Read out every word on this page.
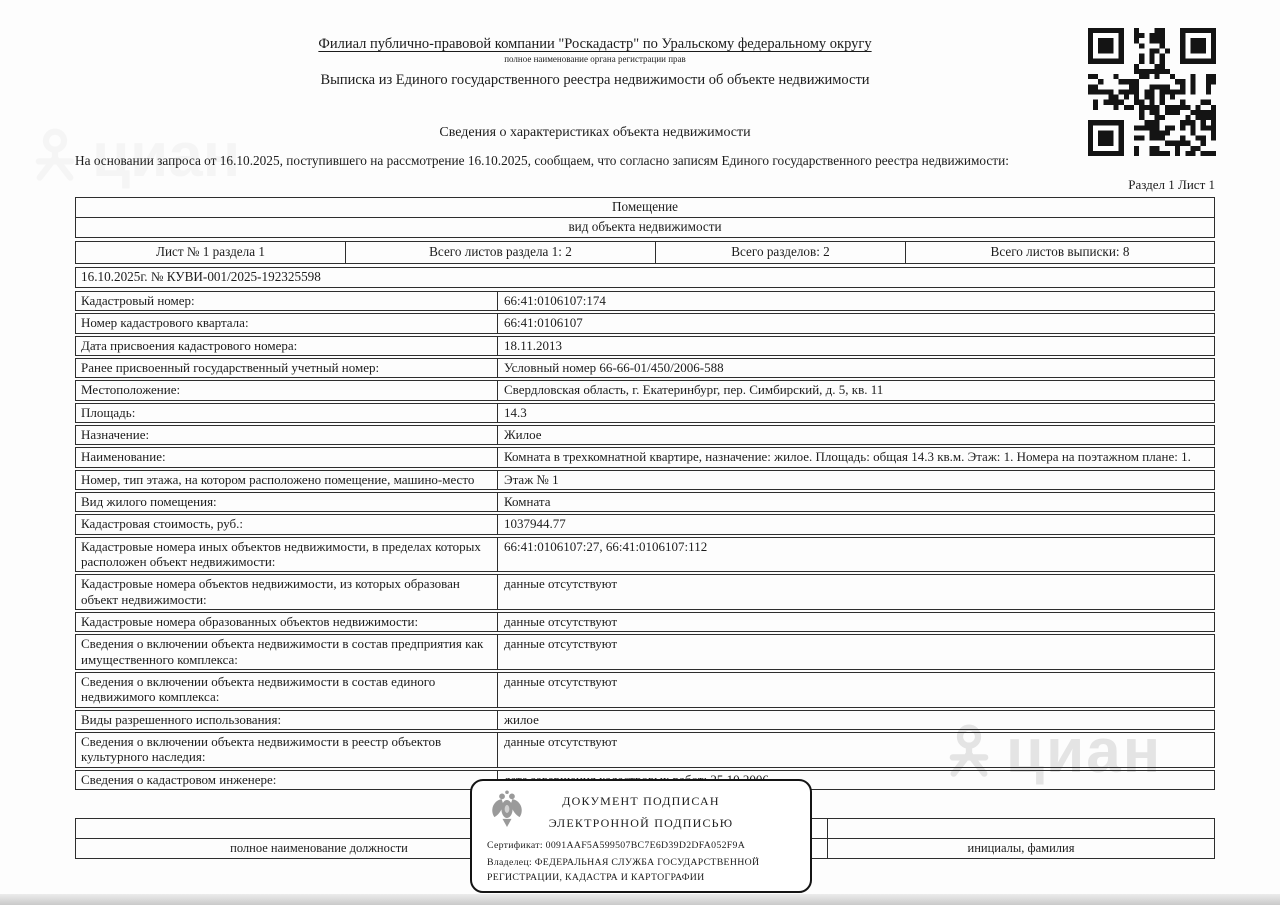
циан
циан
Филиал публично-правовой компании "Роскадастр" по Уральскому федеральному округу
полное наименование органа регистрации прав
Выписка из Единого государственного реестра недвижимости об объекте недвижимости
Сведения о характеристиках объекта недвижимости
На основании запроса от 16.10.2025, поступившего на рассмотрение 16.10.2025, сообщаем, что согласно записям Единого государственного реестра недвижимости:
Раздел 1 Лист 1
Помещение
вид объекта недвижимости
Лист № 1 раздела 1	Всего листов раздела 1: 2	Всего разделов: 2	Всего листов выписки: 8
16.10.2025г. № КУВИ-001/2025-192325598
Кадастровый номер:	66:41:0106107:174
Номер кадастрового квартала:	66:41:0106107
Дата присвоения кадастрового номера:	18.11.2013
Ранее присвоенный государственный учетный номер:	Условный номер 66-66-01/450/2006-588
Местоположение:	Свердловская область, г. Екатеринбург, пер. Симбирский, д. 5, кв. 11
Площадь:	14.3
Назначение:	Жилое
Наименование:	Комната в трехкомнатной квартире, назначение: жилое. Площадь: общая 14.3 кв.м. Этаж: 1. Номера на поэтажном плане: 1.
Номер, тип этажа, на котором расположено помещение, машино-место	Этаж № 1
Вид жилого помещения:	Комната
Кадастровая стоимость, руб.:	1037944.77
Кадастровые номера иных объектов недвижимости, в пределах которых расположен объект недвижимости:
66:41:0106107:27, 66:41:0106107:112
Кадастровые номера объектов недвижимости, из которых образован объект недвижимости:
данные отсутствуют
Кадастровые номера образованных объектов недвижимости:	данные отсутствуют
Сведения о включении объекта недвижимости в состав предприятия как имущественного комплекса:
данные отсутствуют
Сведения о включении объекта недвижимости в состав единого недвижимого комплекса:
данные отсутствуют
Виды разрешенного использования:	жилое
Сведения о включении объекта недвижимости в реестр объектов культурного наследия:
данные отсутствуют
Сведения о кадастровом инженере:
полное наименование должности	инициалы, фамилия
ДОКУМЕНТ ПОДПИСАН
ЭЛЕКТРОННОЙ ПОДПИСЬЮ
Сертификат: 0091AAF5A599507BC7E6D39D2DFA052F9A
Владелец: ФЕДЕРАЛЬНАЯ СЛУЖБА ГОСУДАРСТВЕННОЙ РЕГИСТРАЦИИ, КАДАСТРА И КАРТОГРАФИИ
